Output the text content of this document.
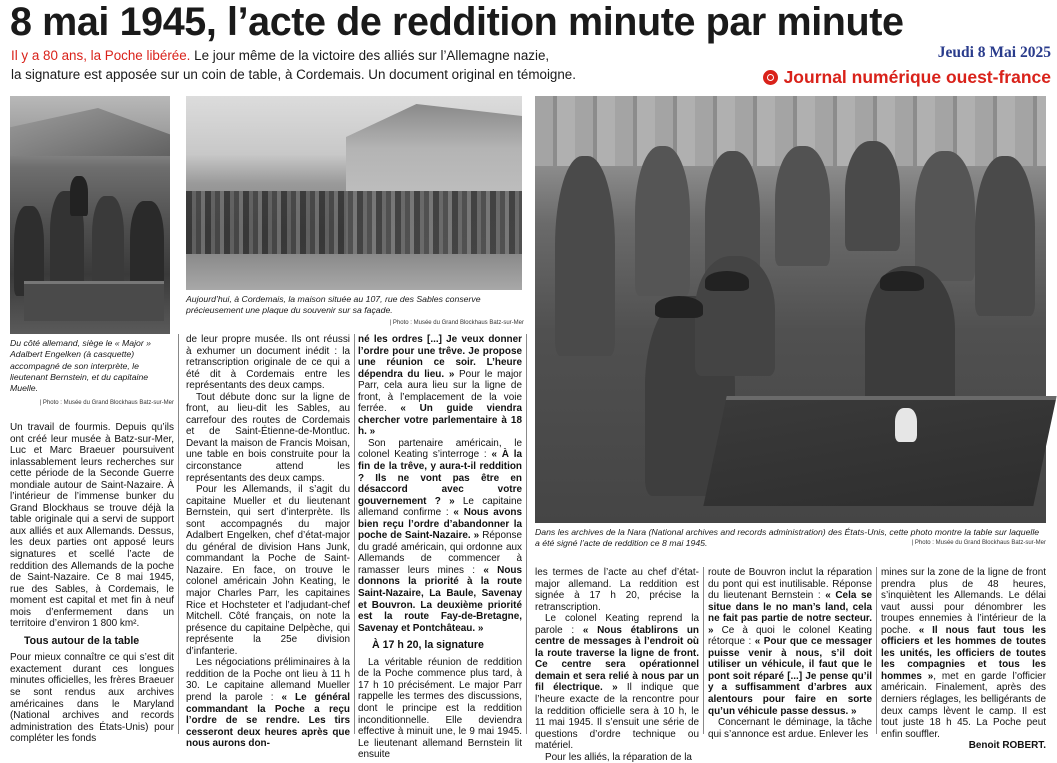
8 mai 1945, l’acte de reddition minute par minute
Il y a 80 ans, la Poche libérée. Le jour même de la victoire des alliés sur l’Allemagne nazie,
la signature est apposée sur un coin de table, à Cordemais. Un document original en témoigne.
Jeudi 8 Mai 2025
Journal numérique ouest-france
Du côté allemand, siège le « Major » Adalbert Engelken (à casquette) accompagné de son interprète, le lieutenant Bernstein, et du capitaine Muelle.
| Photo : Musée du Grand Blockhaus Batz-sur-Mer
Aujourd’hui, à Cordemais, la maison située au 107, rue des Sables conserve précieusement une plaque du souvenir sur sa façade.
| Photo : Musée du Grand Blockhaus Batz-sur-Mer
Dans les archives de la Nara (National archives and records administration) des États-Unis, cette photo montre la table sur laquelle a été signé l’acte de reddition ce 8 mai 1945.	| Photo : Musée du Grand Blockhaus Batz-sur-Mer

Un travail de fourmis. Depuis qu’ils ont créé leur musée à Batz-sur-Mer, Luc et Marc Braeuer poursuivent inlassablement leurs recherches sur cette période de la Seconde Guerre mondiale autour de Saint-Nazaire. À l’intérieur de l’immense bunker du Grand Blockhaus se trouve déjà la table originale qui a servi de support aux alliés et aux Allemands. Dessus, les deux parties ont apposé leurs signatures et scellé l’acte de reddition des Allemands de la poche de Saint-Nazaire. Ce 8 mai 1945, rue des Sables, à Cordemais, le moment est capital et met fin à neuf mois d’enfermement dans un territoire d’environ 1 800 km².

Tous autour de la table

Pour mieux connaître ce qui s’est dit exactement durant ces longues minutes officielles, les frères Braeuer se sont rendus aux archives américaines dans le Maryland (National archives and records administration des États-Unis) pour compléter les fonds

de leur propre musée. Ils ont réussi à exhumer un document inédit : la retranscription originale de ce qui a été dit à Cordemais entre les représentants des deux camps.

Tout débute donc sur la ligne de front, au lieu-dit les Sables, au carrefour des routes de Cordemais et de Saint-Étienne-de-Montluc. Devant la maison de Francis Moisan, une table en bois construite pour la circonstance attend les représentants des deux camps.

Pour les Allemands, il s’agit du capitaine Mueller et du lieutenant Bernstein, qui sert d’interprète. Ils sont accompagnés du major Adalbert Engelken, chef d’état-major du général de division Hans Junk, commandant la Poche de Saint-Nazaire. En face, on trouve le colonel américain John Keating, le major Charles Parr, les capitaines Rice et Hochsteter et l’adjudant-chef Mitchell. Côté français, on note la présence du capitaine Delpèche, qui représente la 25e division d’infanterie.

Les négociations préliminaires à la reddition de la Poche ont lieu à 11 h 30. Le capitaine allemand Mueller prend la parole : « Le général commandant la Poche a reçu l’ordre de se rendre. Les tirs cesseront deux heures après que nous aurons don-

né les ordres [...] Je veux donner l’ordre pour une trêve. Je propose une réunion ce soir. L’heure dépendra du lieu. » Pour le major Parr, cela aura lieu sur la ligne de front, à l’emplacement de la voie ferrée. « Un guide viendra chercher votre parlementaire à 18 h. »

Son partenaire américain, le colonel Keating s’interroge : « À la fin de la trêve, y aura-t-il reddition ? Ils ne vont pas être en désaccord avec votre gouvernement ? » Le capitaine allemand confirme : « Nous avons bien reçu l’ordre d’abandonner la poche de Saint-Nazaire. » Réponse du gradé américain, qui ordonne aux Allemands de commencer à ramasser leurs mines : « Nous donnons la priorité à la route Saint-Nazaire, La Baule, Savenay et Bouvron. La deuxième priorité est la route Fay-de-Bretagne, Savenay et Pontchâteau. »

À 17 h 20, la signature

La véritable réunion de reddition de la Poche commence plus tard, à 17 h 10 précisément. Le major Parr rappelle les termes des discussions, dont le principe est la reddition inconditionnelle. Elle deviendra effective à minuit une, le 9 mai 1945. Le lieutenant allemand Bernstein lit ensuite

les termes de l’acte au chef d’état-major allemand. La reddition est signée à 17 h 20, précise la retranscription.

Le colonel Keating reprend la parole : « Nous établirons un centre de messages à l’endroit où la route traverse la ligne de front. Ce centre sera opérationnel demain et sera relié à nous par un fil électrique. » Il indique que l’heure exacte de la rencontre pour la reddition officielle sera à 10 h, le 11 mai 1945. Il s’ensuit une série de questions d’ordre technique ou matériel.

Pour les alliés, la réparation de la

route de Bouvron inclut la réparation du pont qui est inutilisable. Réponse du lieutenant Bernstein : « Cela se situe dans le no man’s land, cela ne fait pas partie de notre secteur. » Ce à quoi le colonel Keating rétorque : « Pour que ce messager puisse venir à nous, s’il doit utiliser un véhicule, il faut que le pont soit réparé [...] Je pense qu’il y a suffisamment d’arbres aux alentours pour faire en sorte qu’un véhicule passe dessus. »

Concernant le déminage, la tâche qui s’annonce est ardue. Enlever les

mines sur la zone de la ligne de front prendra plus de 48 heures, s’inquiètent les Allemands. Le délai vaut aussi pour dénombrer les troupes ennemies à l’intérieur de la poche. « Il nous faut tous les officiers et les hommes de toutes les unités, les officiers de toutes les compagnies et tous les hommes », met en garde l’officier américain. Finalement, après des derniers réglages, les belligérants de deux camps lèvent le camp. Il est tout juste 18 h 45. La Poche peut enfin souffler.

Benoit ROBERT.
